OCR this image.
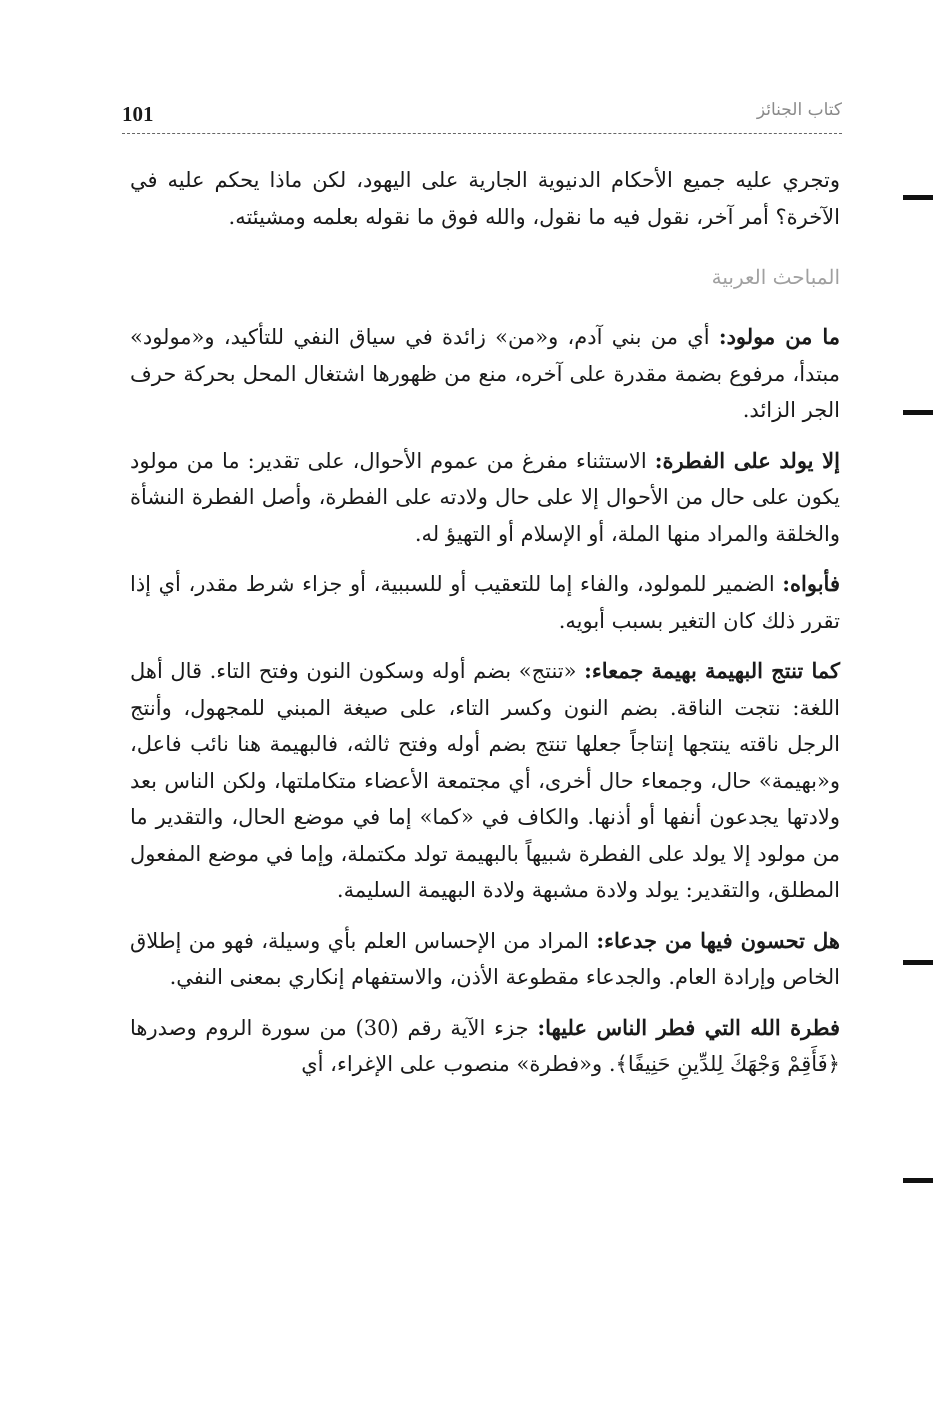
101	كتاب الجنائز

وتجري عليه جميع الأحكام الدنيوية الجارية على اليهود، لكن ماذا يحكم عليه في الآخرة؟ أمر آخر، نقول فيه ما نقول، والله فوق ما نقوله بعلمه ومشيئته.

المباحث العربية

ما من مولود: أي من بني آدم، و«من» زائدة في سياق النفي للتأكيد، و«مولود» مبتدأ، مرفوع بضمة مقدرة على آخره، منع من ظهورها اشتغال المحل بحركة حرف الجر الزائد.

إلا يولد على الفطرة: الاستثناء مفرغ من عموم الأحوال، على تقدير: ما من مولود يكون على حال من الأحوال إلا على حال ولادته على الفطرة، وأصل الفطرة النشأة والخلقة والمراد منها الملة، أو الإسلام أو التهيؤ له.

فأبواه: الضمير للمولود، والفاء إما للتعقيب أو للسببية، أو جزاء شرط مقدر، أي إذا تقرر ذلك كان التغير بسبب أبويه.

كما تنتج البهيمة بهيمة جمعاء: «تنتج» بضم أوله وسكون النون وفتح التاء. قال أهل اللغة: نتجت الناقة. بضم النون وكسر التاء، على صيغة المبني للمجهول، وأنتج الرجل ناقته ينتجها إنتاجاً جعلها تنتج بضم أوله وفتح ثالثه، فالبهيمة هنا نائب فاعل، و«بهيمة» حال، وجمعاء حال أخرى، أي مجتمعة الأعضاء متكاملتها، ولكن الناس بعد ولادتها يجدعون أنفها أو أذنها. والكاف في «كما» إما في موضع الحال، والتقدير ما من مولود إلا يولد على الفطرة شبيهاً بالبهيمة تولد مكتملة، وإما في موضع المفعول المطلق، والتقدير: يولد ولادة مشبهة ولادة البهيمة السليمة.

هل تحسون فيها من جدعاء: المراد من الإحساس العلم بأي وسيلة، فهو من إطلاق الخاص وإرادة العام. والجدعاء مقطوعة الأذن، والاستفهام إنكاري بمعنى النفي.

فطرة الله التي فطر الناس عليها: جزء الآية رقم (30) من سورة الروم وصدرها ﴿فَأَقِمْ وَجْهَكَ لِلدِّينِ حَنِيفًا﴾. و«فطرة» منصوب على الإغراء، أي
